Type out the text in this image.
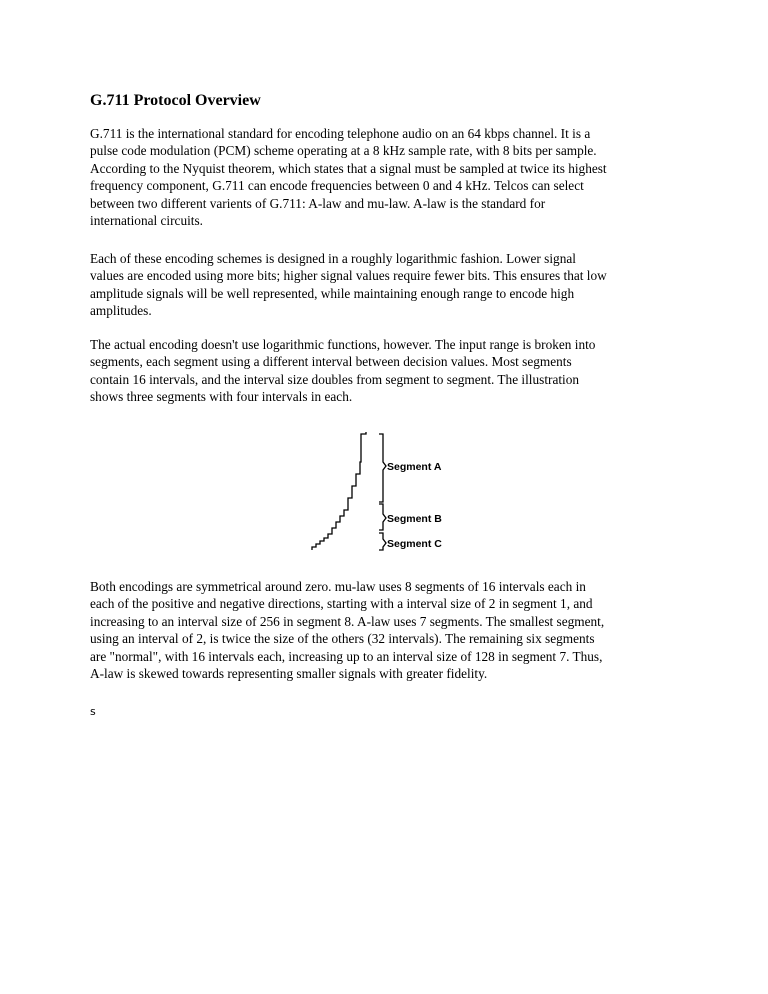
G.711 Protocol Overview

G.711 is the international standard for encoding telephone audio on an 64 kbps channel. It is a
pulse code modulation (PCM) scheme operating at a 8 kHz sample rate, with 8 bits per sample.
According to the Nyquist theorem, which states that a signal must be sampled at twice its highest
frequency component, G.711 can encode frequencies between 0 and 4 kHz. Telcos can select
between two different varients of G.711: A-law and mu-law. A-law is the standard for
international circuits.

Each of these encoding schemes is designed in a roughly logarithmic fashion. Lower signal
values are encoded using more bits; higher signal values require fewer bits. This ensures that low
amplitude signals will be well represented, while maintaining enough range to encode high
amplitudes.

The actual encoding doesn't use logarithmic functions, however. The input range is broken into
segments, each segment using a different interval between decision values. Most segments
contain 16 intervals, and the interval size doubles from segment to segment. The illustration
shows three segments with four intervals in each.

Segment A
Segment B
Segment C

Both encodings are symmetrical around zero. mu-law uses 8 segments of 16 intervals each in
each of the positive and negative directions, starting with a interval size of 2 in segment 1, and
increasing to an interval size of 256 in segment 8. A-law uses 7 segments. The smallest segment,
using an interval of 2, is twice the size of the others (32 intervals). The remaining six segments
are "normal", with 16 intervals each, increasing up to an interval size of 128 in segment 7. Thus,
A-law is skewed towards representing smaller signals with greater fidelity.

s
